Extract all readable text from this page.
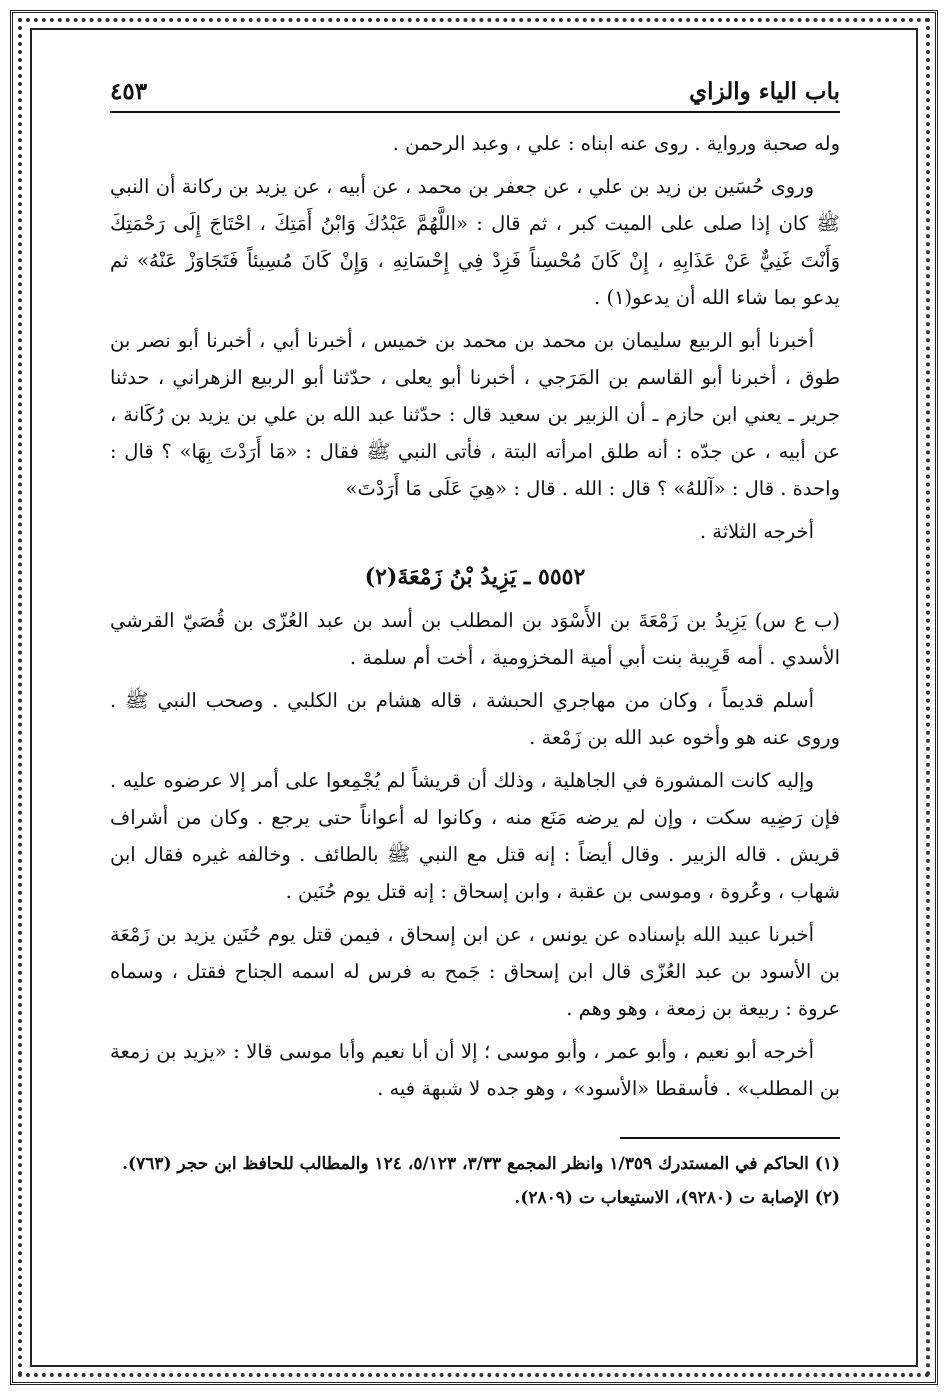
باب الياء والزاي
٤٥٣

وله صحبة ورواية . روى عنه ابناه : علي ، وعبد الرحمن .

وروى حُسَين بن زيد بن علي ، عن جعفر بن محمد ، عن أبيه ، عن يزيد بن ركانة أن النبي ﷺ كان إذا صلى على الميت كبر ، ثم قال : «اللَّهُمَّ عَبْدُكَ وَابْنُ أَمَتِكَ ، احْتَاجَ إِلَى رَحْمَتِكَ وَأَنْتَ غَنِيٌّ عَنْ عَذَابِهِ ، إِنْ كَانَ مُحْسِناً فَزِدْ فِي إِحْسَانِهِ ، وَإِنْ كَانَ مُسِيئاً فَتَجَاوَزْ عَنْهُ» ثم يدعو بما شاء الله أن يدعو(١) .

أخبرنا أبو الربيع سليمان بن محمد بن محمد بن خميس ، أخبرنا أبي ، أخبرنا أبو نصر بن طوق ، أخبرنا أبو القاسم بن المَرَجي ، أخبرنا أبو يعلى ، حدّثنا أبو الربيع الزهراني ، حدثنا جرير ـ يعني ابن حازم ـ أن الزبير بن سعيد قال : حدّثنا عبد الله بن علي بن يزيد بن رُكَانة ، عن أبيه ، عن جدّه : أنه طلق امرأته البتة ، فأتى النبي ﷺ فقال : «مَا أَرَدْتَ بِهَا» ؟ قال : واحدة . قال : «آللهُ» ؟ قال : الله . قال : «هِيَ عَلَى مَا أَرَدْتَ»

أخرجه الثلاثة .

٥٥٥٢ ـ يَزِيدُ بْنُ زَمْعَةَ(٢)

(ب ع س) يَزِيدُ بن زَمْعَةَ بن الأَسْوَد بن المطلب بن أسد بن عبد العُزّى بن قُصَيّ القرشي الأسدي . أمه قَرِيبة بنت أبي أمية المخزومية ، أخت أم سلمة .

أسلم قديماً ، وكان من مهاجري الحبشة ، قاله هشام بن الكلبي . وصحب النبي ﷺ . وروى عنه هو وأخوه عبد الله بن زَمْعة .

وإليه كانت المشورة في الجاهلية ، وذلك أن قريشاً لم يُجْمِعوا على أمر إلا عرضوه عليه . فإن رَضِيه سكت ، وإن لم يرضه مَنَع منه ، وكانوا له أعواناً حتى يرجع . وكان من أشراف قريش . قاله الزبير . وقال أيضاً : إنه قتل مع النبي ﷺ بالطائف . وخالفه غيره فقال ابن شهاب ، وعُروة ، وموسى بن عقبة ، وابن إسحاق : إنه قتل يوم حُنَين .

أخبرنا عبيد الله بإسناده عن يونس ، عن ابن إسحاق ، فيمن قتل يوم حُنَين يزيد بن زَمْعَة بن الأسود بن عبد العُزّى قال ابن إسحاق : جَمح به فرس له اسمه الجناح فقتل ، وسماه عروة : ربيعة بن زمعة ، وهو وهم .

أخرجه أبو نعيم ، وأبو عمر ، وأبو موسى ؛ إلا أن أبا نعيم وأبا موسى قالا : «يزيد بن زمعة بن المطلب» . فأسقطا «الأسود» ، وهو جده لا شبهة فيه .

(١) الحاكم في المستدرك ١/٣٥٩ وانظر المجمع ٣/٣٣، ٥/١٢٣، ١٢٤ والمطالب للحافظ ابن حجر (٧٦٣).
(٢) الإصابة ت (٩٢٨٠)، الاستيعاب ت (٢٨٠٩).
